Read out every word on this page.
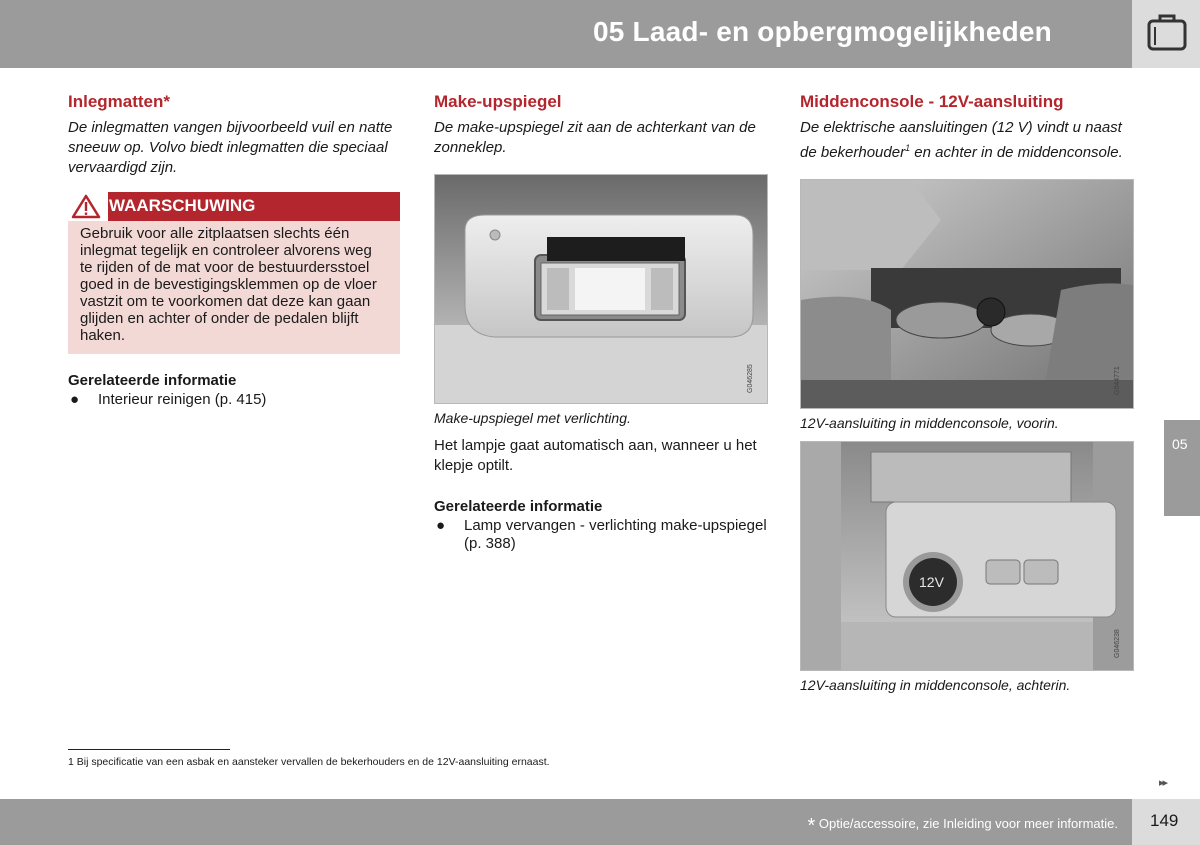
05 Laad- en opbergmogelijkheden
05
Inlegmatten*

De inlegmatten vangen bijvoorbeeld vuil en natte sneeuw op. Volvo biedt inlegmatten die speciaal vervaardigd zijn.

WAARSCHUWING
Gebruik voor alle zitplaatsen slechts één inlegmat tegelijk en controleer alvorens weg te rijden of de mat voor de bestuurdersstoel goed in de bevestigingsklemmen op de vloer vastzit om te voorkomen dat deze kan gaan glijden en achter of onder de pedalen blijft haken.
Gerelateerde informatie
● Interieur reinigen (p. 415)
Make-upspiegel

De make-upspiegel zit aan de achterkant van de zonneklep.

G046285
Make-upspiegel met verlichting.
Het lampje gaat automatisch aan, wanneer u het klepje optilt.
Gerelateerde informatie
● Lamp vervangen - verlichting make-upspiegel (p. 388)
Middenconsole - 12V-aansluiting

De elektrische aansluitingen (12 V) vindt u naast de bekerhouder$^1$ en achter in de middenconsole.

G044771
12V-aansluiting in middenconsole, voorin.
12V
G046238
12V-aansluiting in middenconsole, achterin.
1 Bij specificatie van een asbak en aansteker vervallen de bekerhouders en de 12V-aansluiting ernaast.
▸▸
* Optie/accessoire, zie Inleiding voor meer informatie. 149
